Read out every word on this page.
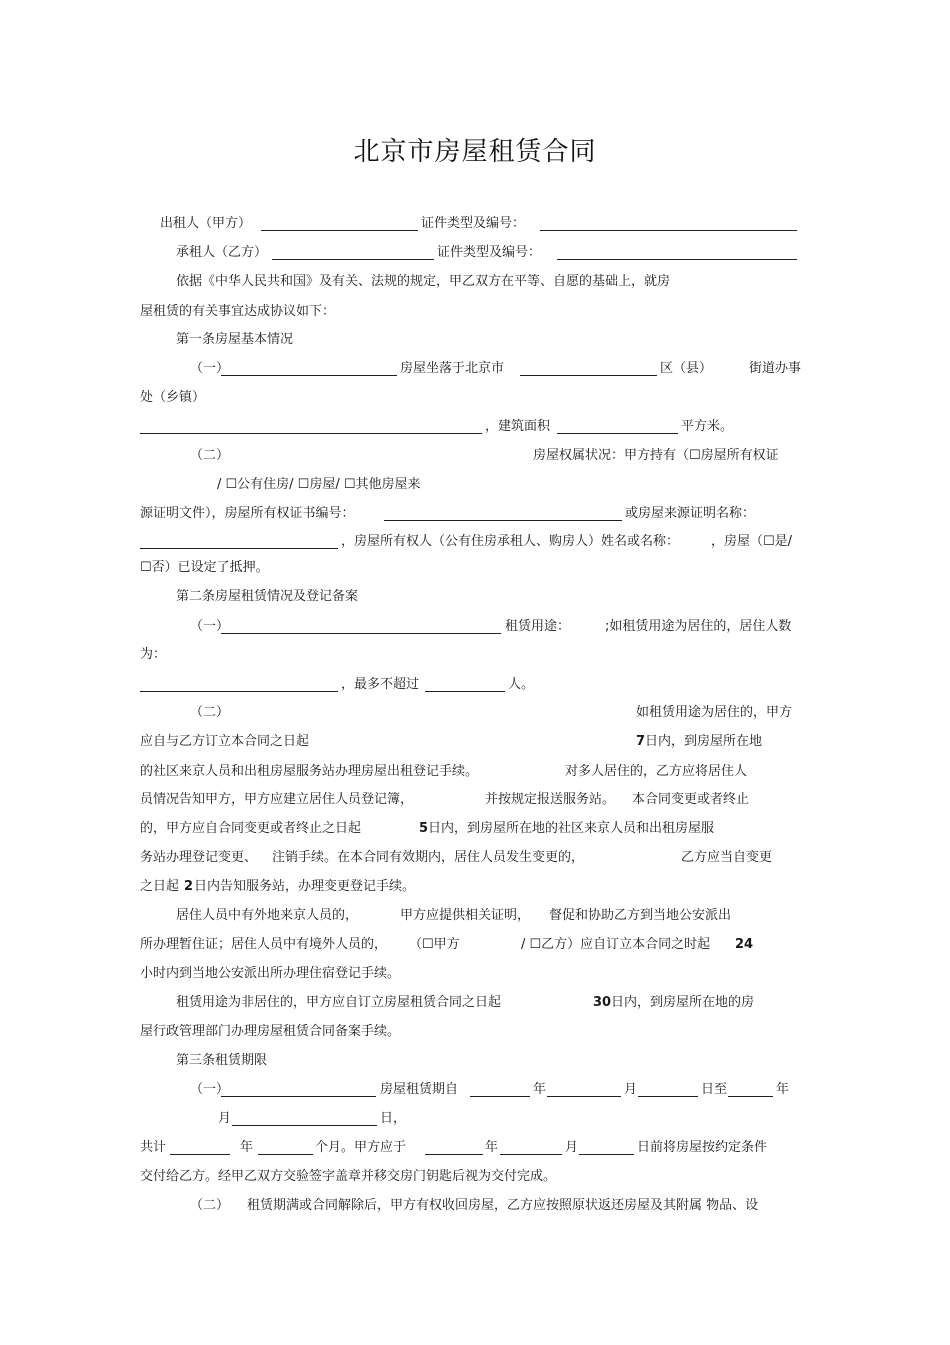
北京市房屋租赁合同
出租人（甲方）	证件类型及编号：
承租人（乙方）	证件类型及编号：
依据《中华人民共和国》及有关、法规的规定，甲乙双方在平等、自愿的基础上，就房
屋租赁的有关事宜达成协议如下：
第一条房屋基本情况
（一）	房屋坐落于北京市	区（县）	街道办事
处（乡镇）
，建筑面积	平方米。
（二）	房屋权属状况：甲方持有（☐房屋所有权证
/ ☐公有住房/ ☐房屋/ ☐其他房屋来
源证明文件），房屋所有权证书编号：	或房屋来源证明名称：
，房屋所有权人（公有住房承租人、购房人）姓名或名称： ，房屋（☐是/
☐否）已设定了抵押。
第二条房屋租赁情况及登记备案
（一）	租赁用途：	;如租赁用途为居住的，居住人数
为：
，最多不超过	人。
（二）	如租赁用途为居住的，甲方
应自与乙方订立本合同之日起	7 日内，到房屋所在地
的社区来京人员和出租房屋服务站办理房屋出租登记手续。	对多人居住的，乙方应将居住人
员情况告知甲方，甲方应建立居住人员登记簿，	并按规定报送服务站。 本合同变更或者终止
的，甲方应自合同变更或者终止之日起	5 日内，到房屋所在地的社区来京人员和出租房屋服
务站办理登记变更、 注销手续。在本合同有效期内，居住人员发生变更的，	乙方应当自变更
之日起 2 日内告知服务站，办理变更登记手续。
居住人员中有外地来京人员的，	甲方应提供相关证明， 督促和协助乙方到当地公安派出
所办理暂住证；居住人员中有境外人员的， （☐甲方	/ ☐乙方）应自订立本合同之时起 24
小时内到当地公安派出所办理住宿登记手续。
租赁用途为非居住的，甲方应自订立房屋租赁合同之日起	30 日内，到房屋所在地的房
屋行政管理部门办理房屋租赁合同备案手续。
第三条租赁期限
（一）	房屋租赁期自	年	月	日至	年
月	日，
共计	年	个月。甲方应于	年	月	日前将房屋按约定条件
交付给乙方。经甲乙双方交验签字盖章并移交房门钥匙后视为交付完成。
（二） 租赁期满或合同解除后，甲方有权收回房屋，乙方应按照原状返还房屋及其附属 物品、设
